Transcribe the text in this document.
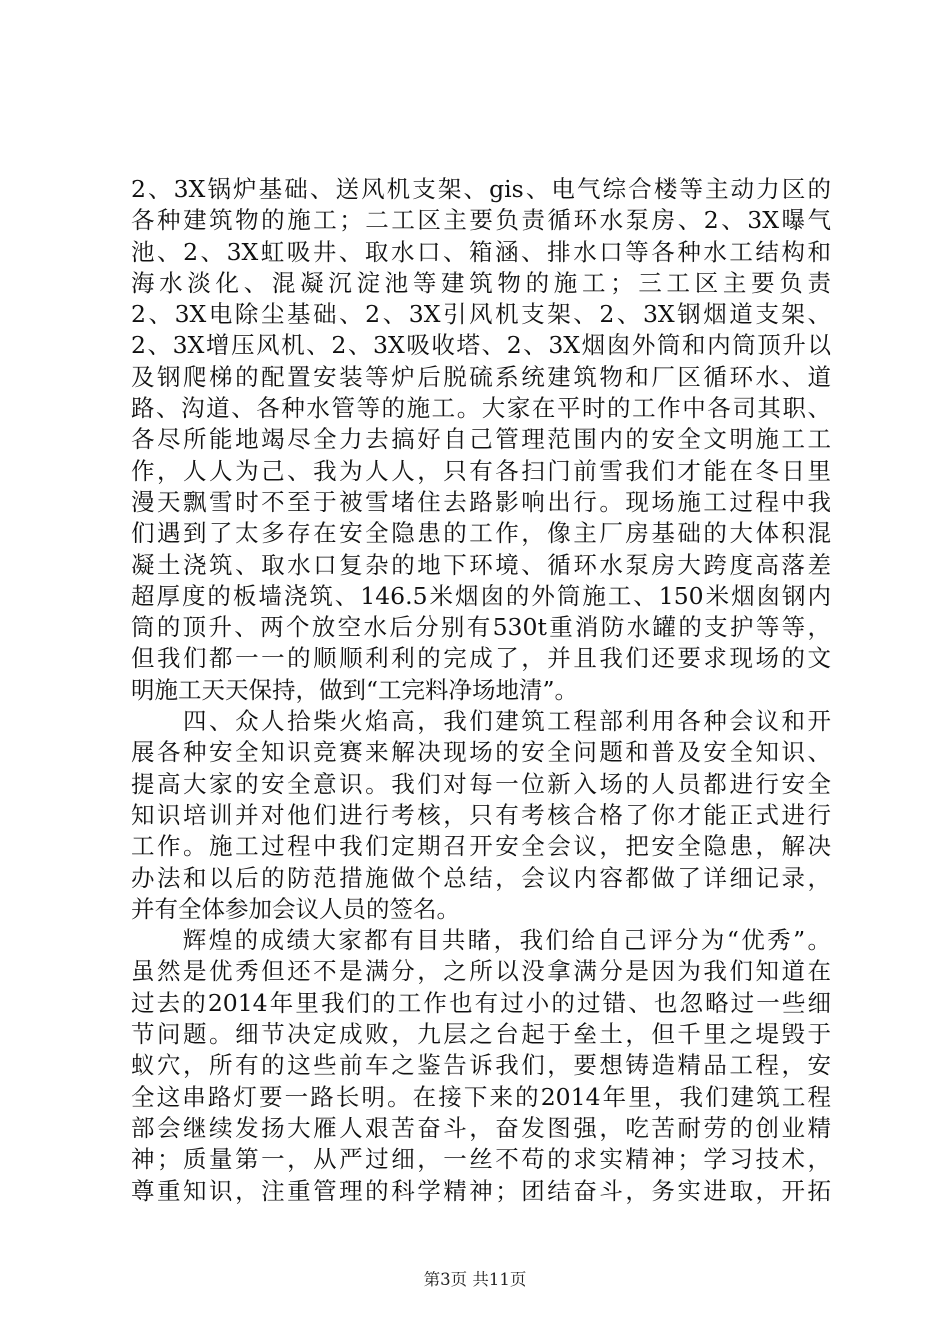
2、3X锅炉基础、送风机支架、gis、电气综合楼等主动力区的
各种建筑物的施工；二工区主要负责循环水泵房、2、3X曝气
池、2、3X虹吸井、取水口、箱涵、排水口等各种水工结构和
海水淡化、混凝沉淀池等建筑物的施工；三工区主要负责
2、3X电除尘基础、2、3X引风机支架、2、3X钢烟道支架、
2、3X增压风机、2、3X吸收塔、2、3X烟囱外筒和内筒顶升以
及钢爬梯的配置安装等炉后脱硫系统建筑物和厂区循环水、道
路、沟道、各种水管等的施工。大家在平时的工作中各司其职、
各尽所能地竭尽全力去搞好自己管理范围内的安全文明施工工
作，人人为己、我为人人，只有各扫门前雪我们才能在冬日里
漫天飘雪时不至于被雪堵住去路影响出行。现场施工过程中我
们遇到了太多存在安全隐患的工作，像主厂房基础的大体积混
凝土浇筑、取水口复杂的地下环境、循环水泵房大跨度高落差
超厚度的板墙浇筑、146.5米烟囱的外筒施工、150米烟囱钢内
筒的顶升、两个放空水后分别有530t重消防水罐的支护等等，
但我们都一一的顺顺利利的完成了，并且我们还要求现场的文
明施工天天保持，做到“工完料净场地清”。
　　四、众人拾柴火焰高，我们建筑工程部利用各种会议和开
展各种安全知识竞赛来解决现场的安全问题和普及安全知识、
提高大家的安全意识。我们对每一位新入场的人员都进行安全
知识培训并对他们进行考核，只有考核合格了你才能正式进行
工作。施工过程中我们定期召开安全会议，把安全隐患，解决
办法和以后的防范措施做个总结，会议内容都做了详细记录，
并有全体参加会议人员的签名。
　　辉煌的成绩大家都有目共睹，我们给自己评分为“优秀”。
虽然是优秀但还不是满分，之所以没拿满分是因为我们知道在
过去的2014年里我们的工作也有过小的过错、也忽略过一些细
节问题。细节决定成败，九层之台起于垒土，但千里之堤毁于
蚁穴，所有的这些前车之鉴告诉我们，要想铸造精品工程，安
全这串路灯要一路长明。在接下来的2014年里，我们建筑工程
部会继续发扬大雁人艰苦奋斗，奋发图强，吃苦耐劳的创业精
神；质量第一，从严过细，一丝不苟的求实精神；学习技术，
尊重知识，注重管理的科学精神；团结奋斗，务实进取，开拓
第3页 共11页
